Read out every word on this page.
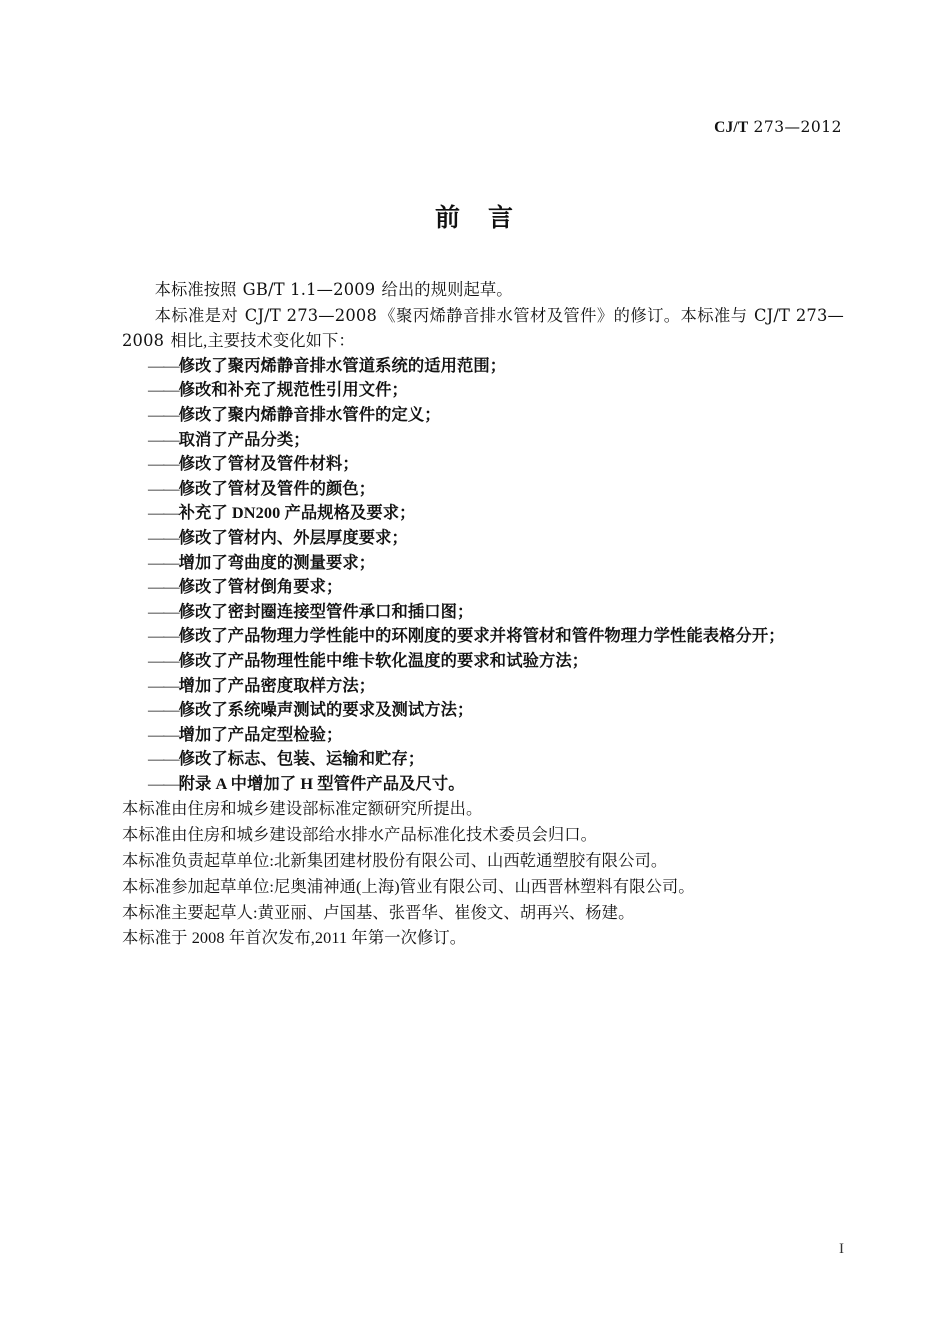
CJ/T 273—2012
前 言

本标准按照 GB/T 1.1—2009 给出的规则起草。

本标准是对 CJ/T 273—2008 《聚丙烯静音排水管材及管件》的修订。本标准与 CJ/T 273—2008 相比,主要技术变化如下：

——修改了聚丙烯静音排水管道系统的适用范围；
——修改和补充了规范性引用文件；
——修改了聚内烯静音排水管件的定义；
——取消了产品分类；
——修改了管材及管件材料；
——修改了管材及管件的颜色；
——补充了 DN200 产品规格及要求；
——修改了管材内、外层厚度要求；
——增加了弯曲度的测量要求；
——修改了管材倒角要求；
——修改了密封圈连接型管件承口和插口图；
——修改了产品物理力学性能中的环刚度的要求并将管材和管件物理力学性能表格分开；
——修改了产品物理性能中维卡软化温度的要求和试验方法；
——增加了产品密度取样方法；
——修改了系统噪声测试的要求及测试方法；
——增加了产品定型检验；
——修改了标志、包装、运输和贮存；
——附录 A 中增加了 H 型管件产品及尺寸。

本标准由住房和城乡建设部标准定额研究所提出。

本标准由住房和城乡建设部给水排水产品标准化技术委员会归口。

本标准负责起草单位:北新集团建材股份有限公司、山西乾通塑胶有限公司。

本标准参加起草单位:尼奥浦神通(上海)管业有限公司、山西晋林塑料有限公司。

本标准主要起草人:黄亚丽、卢国基、张晋华、崔俊文、胡再兴、杨建。

本标准于 2008 年首次发布,2011 年第一次修订。

I
